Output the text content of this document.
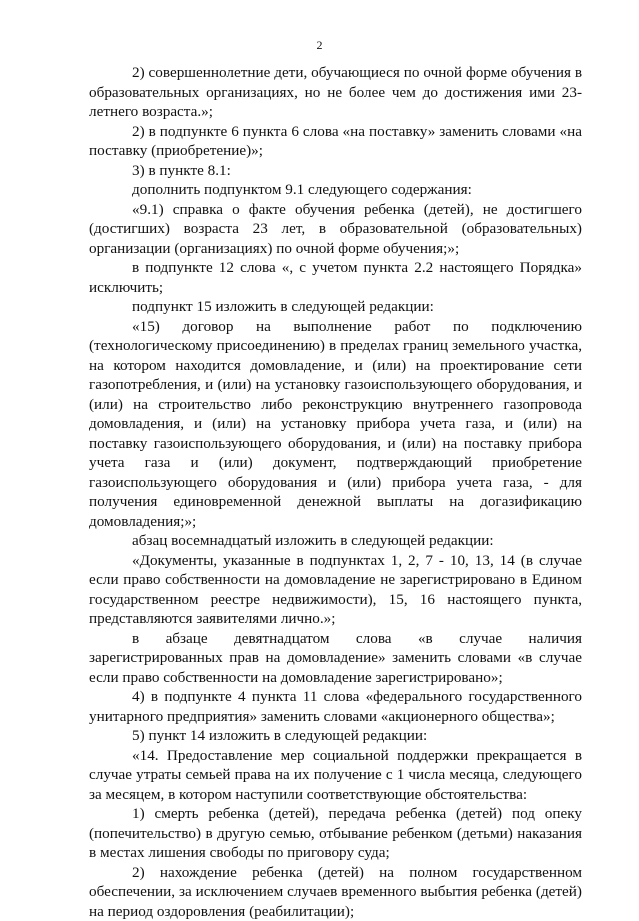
2

2) совершеннолетние дети, обучающиеся по очной форме обучения в образовательных организациях, но не более чем до достижения ими 23-летнего возраста.»;

2) в подпункте 6 пункта 6 слова «на поставку» заменить словами «на поставку (приобретение)»;

3) в пункте 8.1:

дополнить подпунктом 9.1 следующего содержания:

«9.1) справка о факте обучения ребенка (детей), не достигшего (достигших) возраста 23 лет, в образовательной (образовательных) организации (организациях) по очной форме обучения;»;

в подпункте 12 слова «, с учетом пункта 2.2 настоящего Порядка» исключить;

подпункт 15 изложить в следующей редакции:

«15) договор на выполнение работ по подключению (технологическому присоединению) в пределах границ земельного участка, на котором находится домовладение, и (или) на проектирование сети газопотребления, и (или) на установку газоиспользующего оборудования, и (или) на строительство либо реконструкцию внутреннего газопровода домовладения, и (или) на установку прибора учета газа, и (или) на поставку газоиспользующего оборудования, и (или) на поставку прибора учета газа и (или) документ, подтверждающий приобретение газоиспользующего оборудования и (или) прибора учета газа, - для получения единовременной денежной выплаты на догазификацию домовладения;»;

абзац восемнадцатый изложить в следующей редакции:

«Документы, указанные в подпунктах 1, 2, 7 - 10, 13, 14 (в случае если право собственности на домовладение не зарегистрировано в Едином государственном реестре недвижимости), 15, 16 настоящего пункта, представляются заявителями лично.»;

в абзаце девятнадцатом слова «в случае наличия зарегистрированных прав на домовладение» заменить словами «в случае если право собственности на домовладение зарегистрировано»;

4) в подпункте 4 пункта 11 слова «федерального государственного унитарного предприятия» заменить словами «акционерного общества»;

5) пункт 14 изложить в следующей редакции:

«14. Предоставление мер социальной поддержки прекращается в случае утраты семьей права на их получение с 1 числа месяца, следующего за месяцем, в котором наступили соответствующие обстоятельства:

1) смерть ребенка (детей), передача ребенка (детей) под опеку (попечительство) в другую семью, отбывание ребенком (детьми) наказания в местах лишения свободы по приговору суда;

2) нахождение ребенка (детей) на полном государственном обеспечении, за исключением случаев временного выбытия ребенка (детей) на период оздоровления (реабилитации);
